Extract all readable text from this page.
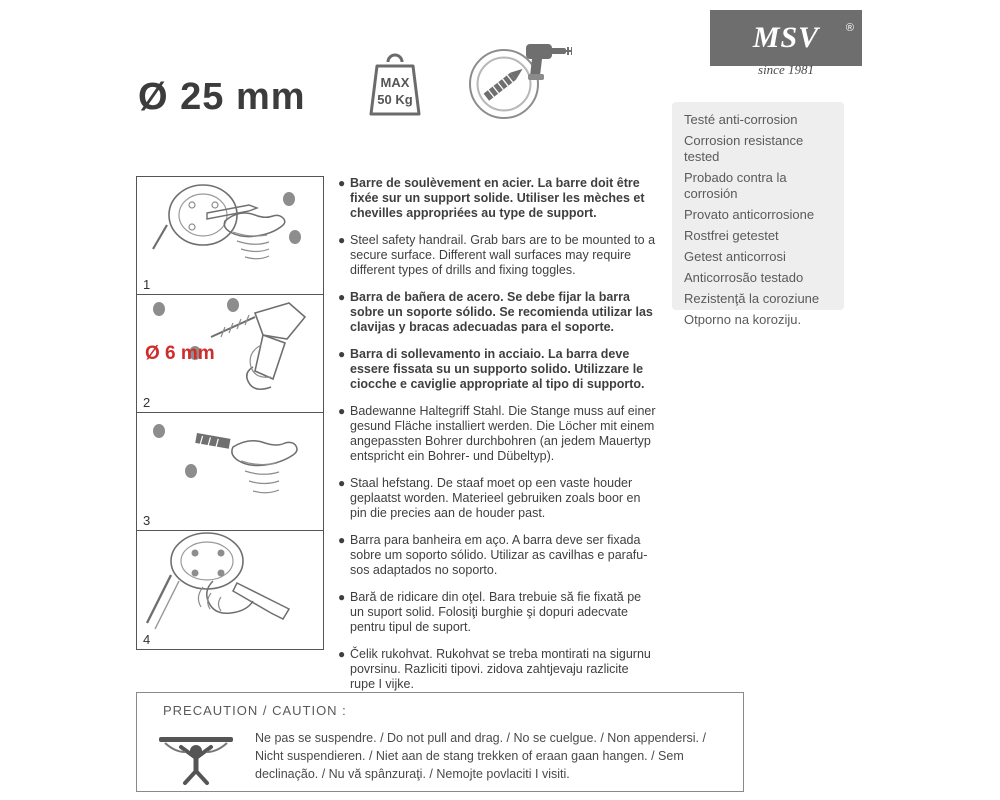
MSV ®
since 1981
Ø 25 mm	MAX
50 Kg
Testé anti-corrosion
Corrosion resistance tested
Probado contra la corrosión
Provato anticorrosione
Rostfrei getestet
Getest anticorrosi
Anticorrosão testado
Rezistenţă la coroziune
Otporno na koroziju.
1
Ø 6 mm
2
3
4
● Barre de soulèvement en acier. La barre doit être fixée sur un support solide. Utiliser les mèches et chevilles appropriées au type de support.
● Steel safety handrail. Grab bars are to be mounted to a secure surface. Different wall surfaces may require different types of drills and fixing toggles.
● Barra de bañera de acero. Se debe fijar la barra sobre un soporte sólido. Se recomienda utilizar las clavijas y bracas adecuadas para el soporte.
● Barra di sollevamento in acciaio. La barra deve essere fissata su un supporto solido. Utilizzare le ciocche e caviglie appropriate al tipo di supporto.
● Badewanne Haltegriff Stahl. Die Stange muss auf einer gesund Fläche installiert werden. Die Löcher mit einem angepassten Bohrer durchbohren (an jedem Mauertyp entspricht ein Bohrer- und Dübeltyp).
● Staal hefstang. De staaf moet op een vaste houder geplaatst worden. Materieel gebruiken zoals boor en pin die precies aan de houder past.
● Barra para banheira em aço. A barra deve ser fixada sobre um soporto sólido. Utilizar as cavilhas e parafu-sos adaptados no soporto.
● Bară de ridicare din oţel. Bara trebuie să fie fixată pe un suport solid. Folosiţi burghie şi dopuri adecvate pentru tipul de suport.
● Čelik rukohvat. Rukohvat se treba montirati na sigurnu povrsinu. Razliciti tipovi. zidova zahtjevaju razlicite rupe I vijke.
PRECAUTION / CAUTION :
Ne pas se suspendre. / Do not pull and drag. / No se cuelgue. / Non appendersi. / Nicht suspendieren. / Niet aan de stang trekken of eraan gaan hangen. / Sem declinação. / Nu vă spânzuraţi. / Nemojte povlaciti I visiti.
